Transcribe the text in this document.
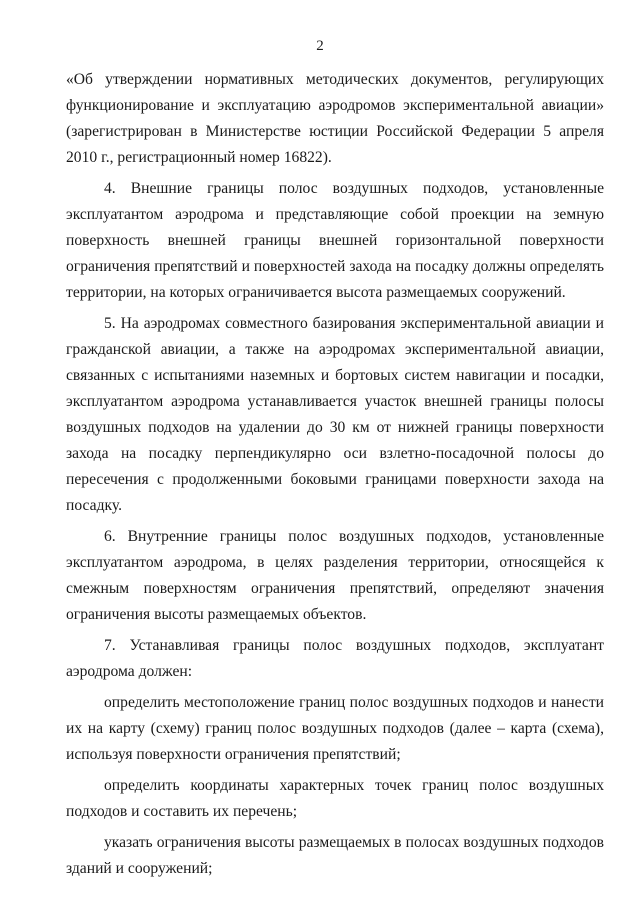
2

«Об утверждении нормативных методических документов, регулирующих функционирование и эксплуатацию аэродромов экспериментальной авиации» (зарегистрирован в Министерстве юстиции Российской Федерации 5 апреля 2010 г., регистрационный номер 16822).

4. Внешние границы полос воздушных подходов, установленные эксплуатантом аэродрома и представляющие собой проекции на земную поверхность внешней границы внешней горизонтальной поверхности ограничения препятствий и поверхностей захода на посадку должны определять территории, на которых ограничивается высота размещаемых сооружений.

5. На аэродромах совместного базирования экспериментальной авиации и гражданской авиации, а также на аэродромах экспериментальной авиации, связанных с испытаниями наземных и бортовых систем навигации и посадки, эксплуатантом аэродрома устанавливается участок внешней границы полосы воздушных подходов на удалении до 30 км от нижней границы поверхности захода на посадку перпендикулярно оси взлетно-посадочной полосы до пересечения с продолженными боковыми границами поверхности захода на посадку.

6. Внутренние границы полос воздушных подходов, установленные эксплуатантом аэродрома, в целях разделения территории, относящейся к смежным поверхностям ограничения препятствий, определяют значения ограничения высоты размещаемых объектов.

7. Устанавливая границы полос воздушных подходов, эксплуатант аэродрома должен:

определить местоположение границ полос воздушных подходов и нанести их на карту (схему) границ полос воздушных подходов (далее – карта (схема), используя поверхности ограничения препятствий;

определить координаты характерных точек границ полос воздушных подходов и составить их перечень;

указать ограничения высоты размещаемых в полосах воздушных подходов зданий и сооружений;
